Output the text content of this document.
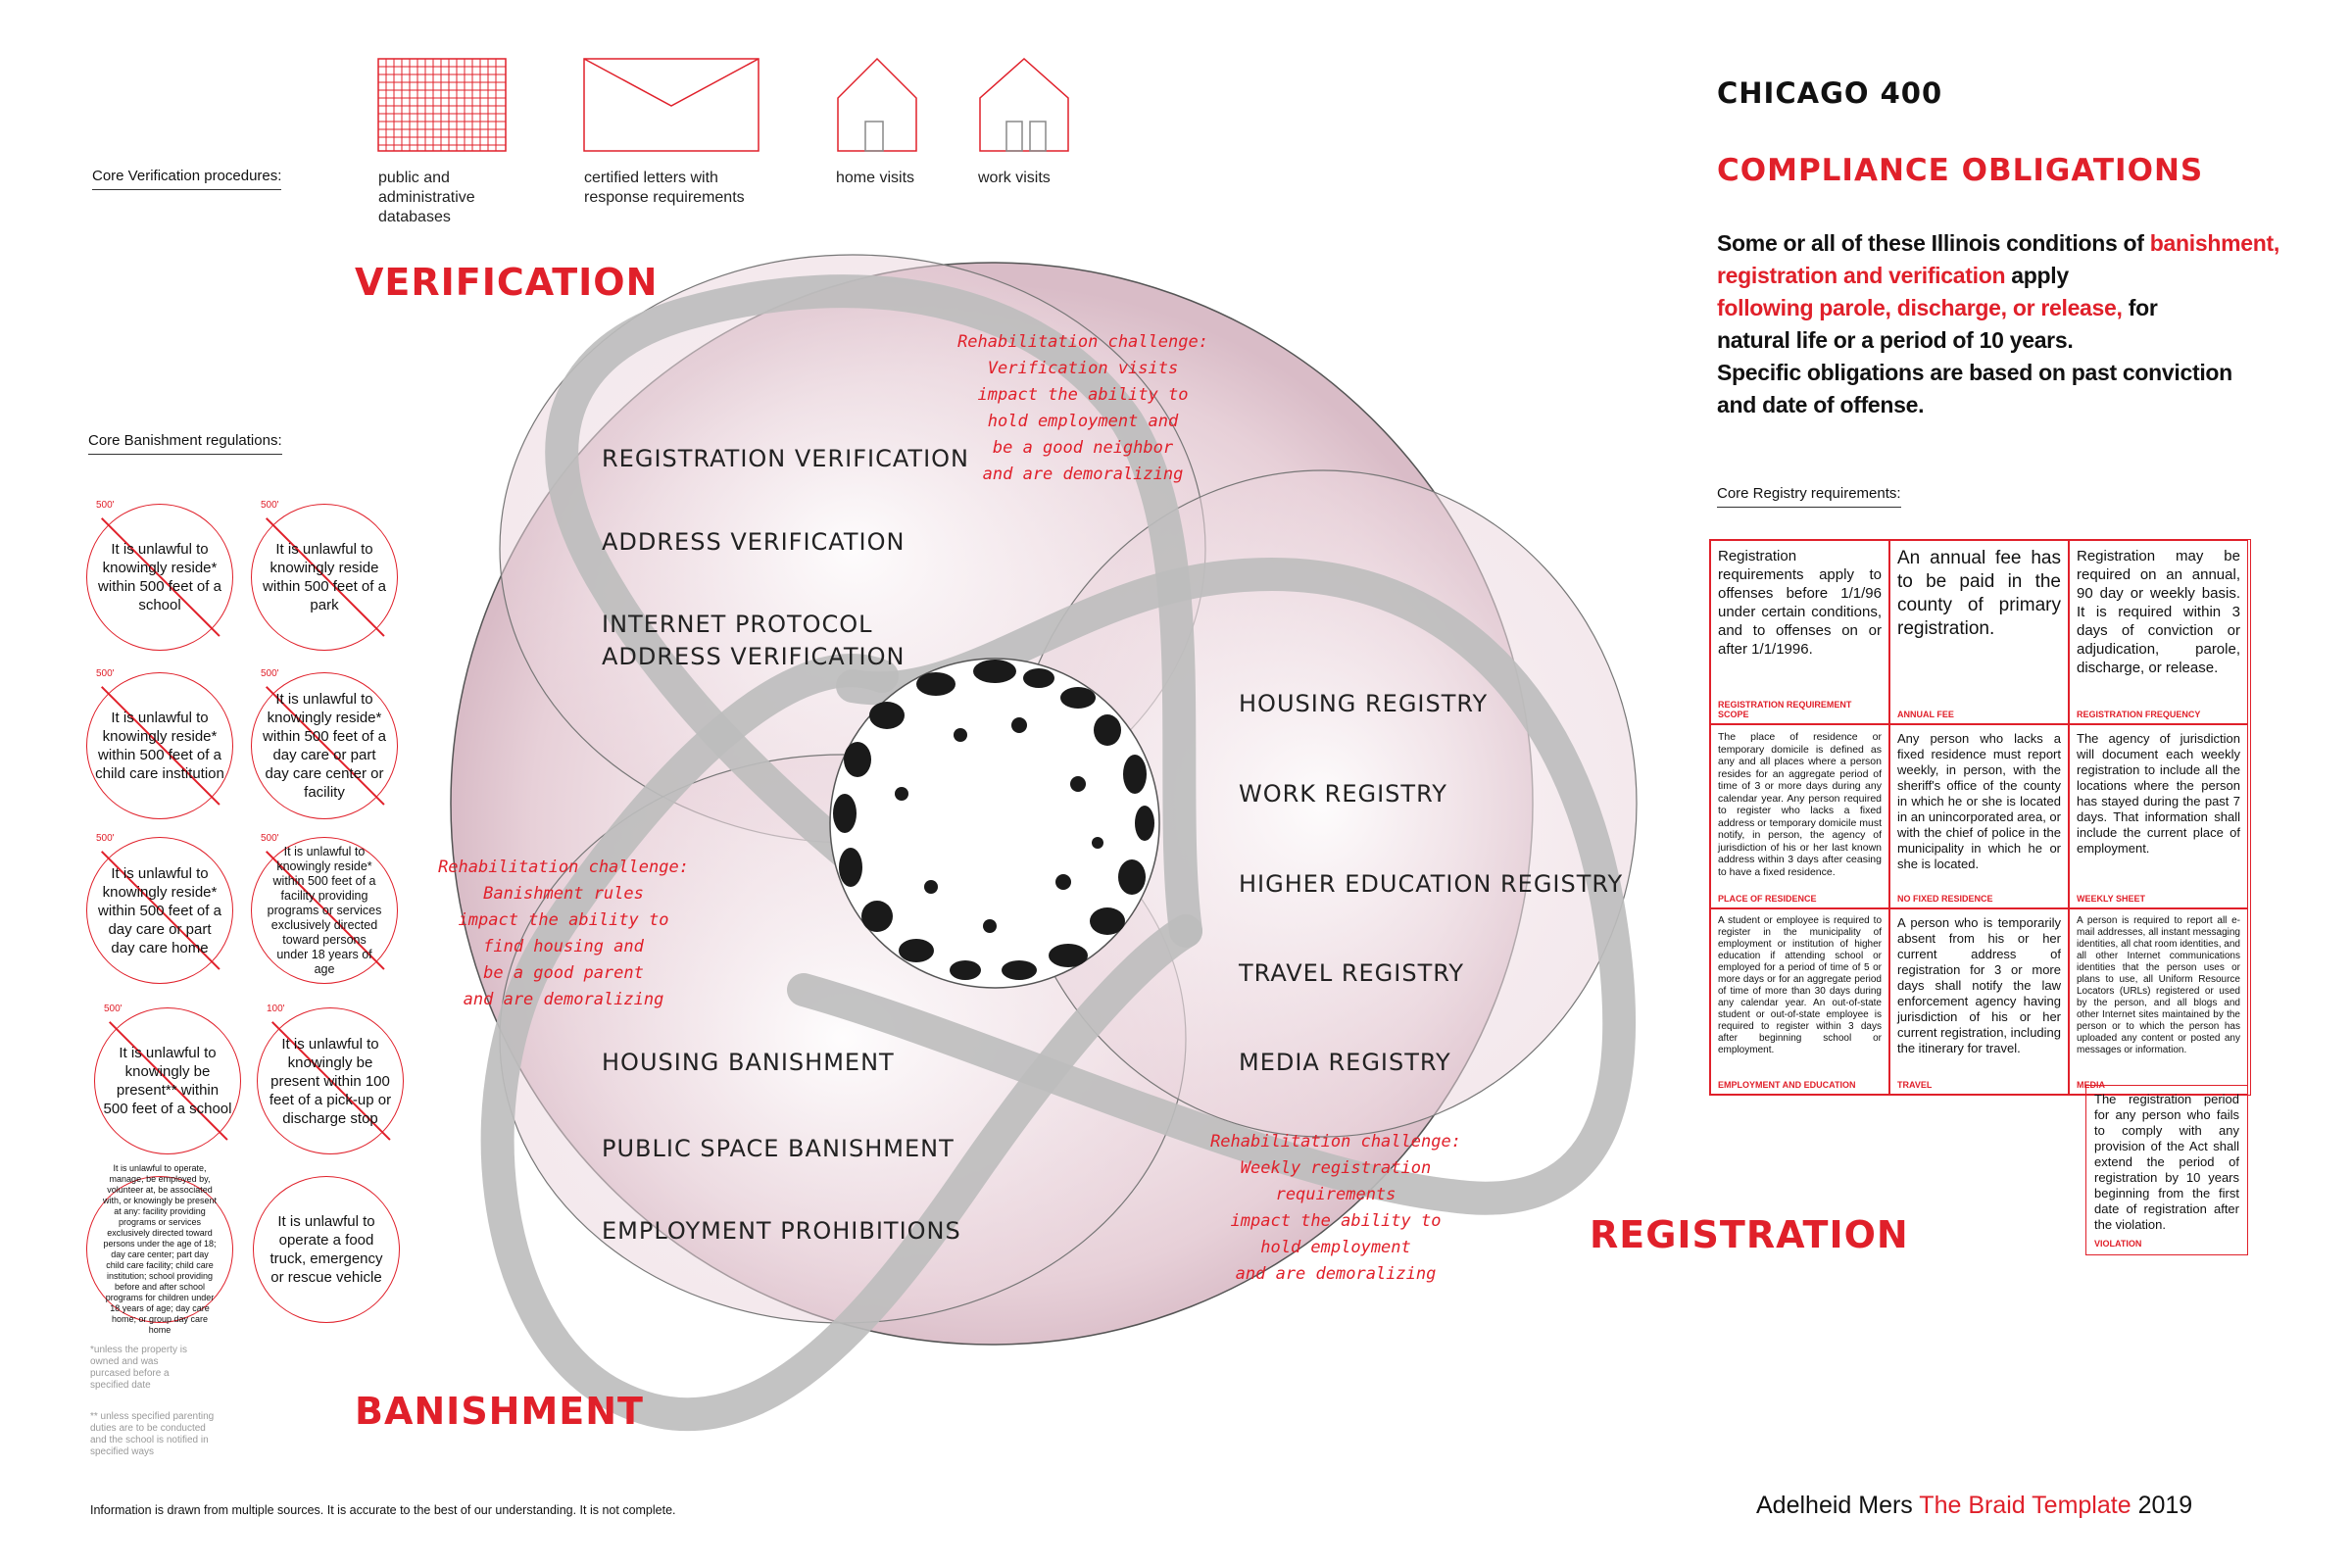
Core Verification procedures:	public and administrative databases
certified letters with response requirements
home visits	work visits
VERIFICATION
REGISTRATION
BANISHMENT
REGISTRATION VERIFICATION
ADDRESS VERIFICATION
INTERNET PROTOCOL
ADDRESS VERIFICATION
HOUSING REGISTRY
WORK REGISTRY
HIGHER EDUCATION REGISTRY
TRAVEL REGISTRY
MEDIA REGISTRY
HOUSING BANISHMENT
PUBLIC SPACE BANISHMENT
EMPLOYMENT PROHIBITIONS
Rehabilitation challenge:
Verification visits
impact the ability to
hold employment and
be a good neighbor
and are demoralizing
Rehabilitation challenge:
Banishment rules
impact the ability to
find housing and
be a good parent
and are demoralizing
Rehabilitation challenge:
Weekly registration
requirements
impact the ability to
hold employment
and are demoralizing
Core Banishment regulations:
500'
It is unlawful to knowingly reside* within 500 feet of a school
500'
It is unlawful to knowingly reside within 500 feet of a park
500'
It is unlawful to knowingly reside* within 500 feet of a child care institution
500'
It is unlawful to knowingly reside* within 500 feet of a day care or part day care center or facility
500'
It is unlawful to knowingly reside* within 500 feet of a day care or part day care home
500'
It is unlawful to knowingly reside* within 500 feet of a facility providing programs or services exclusively directed toward persons under 18 years of age
500'
It is unlawful to knowingly be present** within 500 feet of a school
100'
It is unlawful to knowingly be present within 100 feet of a pick-up or discharge stop
It is unlawful to operate, manage, be employed by, volunteer at, be associated with, or knowingly be present at any: facility providing programs or services exclusively directed toward persons under the age of 18; day care center; part day child care facility; child care institution; school providing before and after school programs for children under 18 years of age; day care home; or group day care home
It is unlawful to operate a food truck, emergency or rescue vehicle
*unless the property is owned and was purcased before a specified date
** unless specified parenting duties are to be conducted and the school is notified in specified ways
CHICAGO 400
COMPLIANCE OBLIGATIONS
Some or all of these Illinois conditions of banishment,
registration and verification apply
following parole, discharge, or release, for
natural life or a period of 10 years.
Specific obligations are based on past conviction
and date of offense.
Core Registry requirements:
Registration requirements apply to offenses before 1/1/96 under certain conditions, and to offenses on or after 1/1/1996.
REGISTRATION REQUIREMENT SCOPE
An annual fee has to be paid in the county of primary registration.
ANNUAL FEE
Registration may be required on an annual, 90 day or weekly basis. It is required within 3 days of conviction or adjudication, parole, discharge, or release.
REGISTRATION FREQUENCY
The place of residence or temporary domicile is defined as any and all places where a person resides for an aggregate period of time of 3 or more days during any calendar year. Any person required to register who lacks a fixed address or temporary domicile must notify, in person, the agency of jurisdiction of his or her last known address within 3 days after ceasing to have a fixed residence.
PLACE OF RESIDENCE
Any person who lacks a fixed residence must report weekly, in person, with the sheriff's office of the county in which he or she is located in an unincorporated area, or with the chief of police in the municipality in which he or she is located.
NO FIXED RESIDENCE
The agency of jurisdiction will document each weekly registration to include all the locations where the person has stayed during the past 7 days. That information shall include the current place of employment.
WEEKLY SHEET
A student or employee is required to register in the municipality of employment or institution of higher education if attending school or employed for a period of time of 5 or more days or for an aggregate period of time of more than 30 days during any calendar year. An out-of-state student or out-of-state employee is required to register within 3 days after beginning school or employment.
EMPLOYMENT AND EDUCATION
A person who is temporarily absent from his or her current address of registration for 3 or more days shall notify the law enforcement agency having jurisdiction of his or her current registration, including the itinerary for travel.
TRAVEL
A person is required to report all e-mail addresses, all instant messaging identities, all chat room identities, and all other Internet communications identities that the person uses or plans to use, all Uniform Resource Locators (URLs) registered or used by the person, and all blogs and other Internet sites maintained by the person or to which the person has uploaded any content or posted any messages or information.
MEDIA
The registration period for any person who fails to comply with any provision of the Act shall extend the period of registration by 10 years beginning from the first date of registration after the violation.
VIOLATION
Information is drawn from multiple sources. It is accurate to the best of our understanding. It is not complete.	Adelheid Mers The Braid Template 2019
